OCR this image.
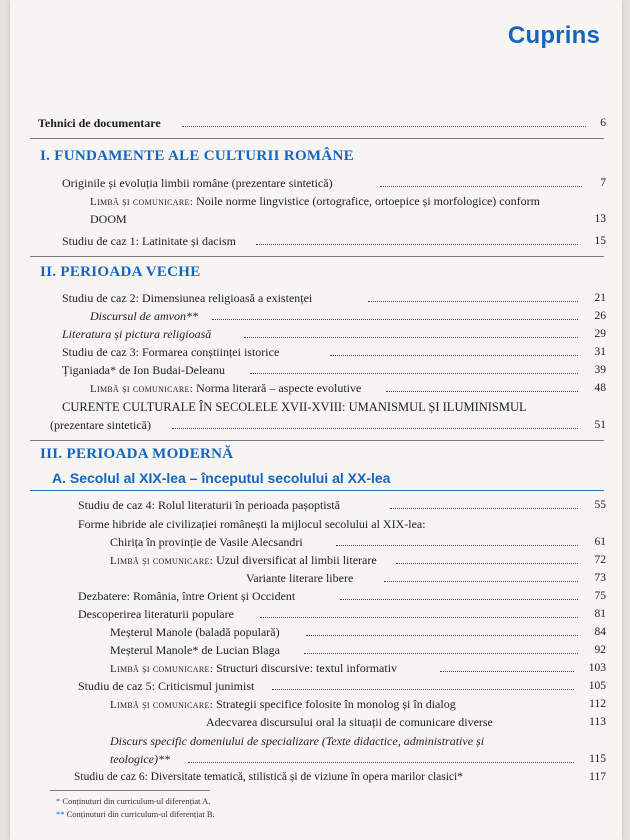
Cuprins
Tehnici de documentare	6
I. FUNDAMENTE ALE CULTURII ROMÂNE
Originile și evoluția limbii române (prezentare sintetică)	7
Limbă și comunicare: Noile norme lingvistice (ortografice, ortoepice și morfologice) conform
DOOM	13
Studiu de caz 1: Latinitate și dacism	15
II. PERIOADA VECHE
Studiu de caz 2: Dimensiunea religioasă a existenței	21
Discursul de amvon**	26
Literatura și pictura religioasă	29
Studiu de caz 3: Formarea conștiinței istorice	31
Țiganiada* de Ion Budai-Deleanu	39
Limbă și comunicare: Norma literară – aspecte evolutive	48
CURENTE CULTURALE ÎN SECOLELE XVII-XVIII: UMANISMUL ȘI ILUMINISMUL
(prezentare sintetică)	51
III. PERIOADA MODERNĂ
A. Secolul al XIX-lea – începutul secolului al XX-lea
Studiu de caz 4: Rolul literaturii în perioada pașoptistă	55
Forme hibride ale civilizației românești la mijlocul secolului al XIX-lea:
Chirița în provinție de Vasile Alecsandri	61
Limbă și comunicare: Uzul diversificat al limbii literare	72
Variante literare libere	73
Dezbatere: România, între Orient și Occident	75
Descoperirea literaturii populare	81
Meșterul Manole (baladă populară)	84
Meșterul Manole* de Lucian Blaga	92
Limbă și comunicare: Structuri discursive: textul informativ	103
Studiu de caz 5: Criticismul junimist	105
Limbă și comunicare: Strategii specifice folosite în monolog și în dialog	112
Adecvarea discursului oral la situații de comunicare diverse	113
Discurs specific domeniului de specializare (Texte didactice, administrative și
teologice)**	115
Studiu de caz 6: Diversitate tematică, stilistică și de viziune în opera marilor clasici*	117
* Conținuturi din curriculum-ul diferențiat A.
** Conținuturi din curriculum-ul diferențiat B.
